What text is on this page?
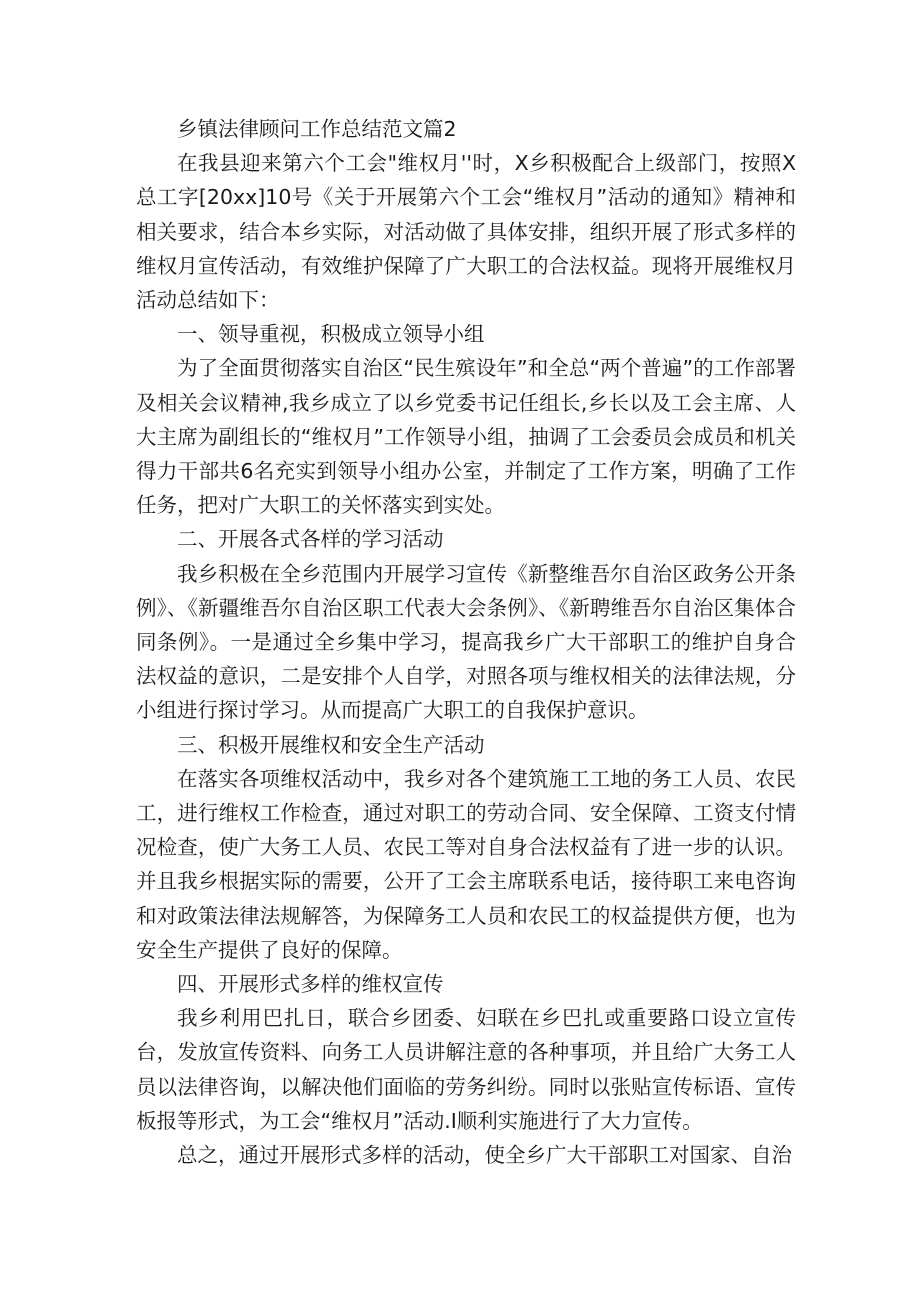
乡镇法律顾问工作总结范文篇2

在我县迎来第六个工会"维权月''时，X乡积极配合上级部门，按照X总工字[20xx]10号《关于开展第六个工会“维权月”活动的通知》精神和相关要求，结合本乡实际，对活动做了具体安排，组织开展了形式多样的维权月宣传活动，有效维护保障了广大职工的合法权益。现将开展维权月活动总结如下：

一、领导重视，积极成立领导小组

为了全面贯彻落实自治区“民生殡设年”和全总“两个普遍”的工作部署及相关会议精神,我乡成立了以乡党委书记任组长,乡长以及工会主席、人大主席为副组长的“维权月”工作领导小组，抽调了工会委员会成员和机关得力干部共6名充实到领导小组办公室，并制定了工作方案，明确了工作任务，把对广大职工的关怀落实到实处。

二、开展各式各样的学习活动

我乡积极在全乡范围内开展学习宣传《新整维吾尔自治区政务公开条例》、《新疆维吾尔自治区职工代表大会条例》、《新聘维吾尔自治区集体合同条例》。一是通过全乡集中学习，提高我乡广大干部职工的维护自身合法权益的意识，二是安排个人自学，对照各项与维权相关的法律法规，分小组进行探讨学习。从而提高广大职工的自我保护意识。

三、积极开展维权和安全生产活动

在落实各项维权活动中，我乡对各个建筑施工工地的务工人员、农民工，进行维权工作检查，通过对职工的劳动合同、安全保障、工资支付情况检查，使广大务工人员、农民工等对自身合法权益有了进一步的认识。并且我乡根据实际的需要，公开了工会主席联系电话，接待职工来电咨询和对政策法律法规解答，为保障务工人员和农民工的权益提供方便，也为安全生产提供了良好的保障。

四、开展形式多样的维权宣传

我乡利用巴扎日，联合乡团委、妇联在乡巴扎或重要路口设立宣传台，发放宣传资料、向务工人员讲解注意的各种事项，并且给广大务工人员以法律咨询，以解决他们面临的劳务纠纷。同时以张贴宣传标语、宣传板报等形式，为工会“维权月”活动.I顺利实施进行了大力宣传。

总之，通过开展形式多样的活动，使全乡广大干部职工对国家、自治
